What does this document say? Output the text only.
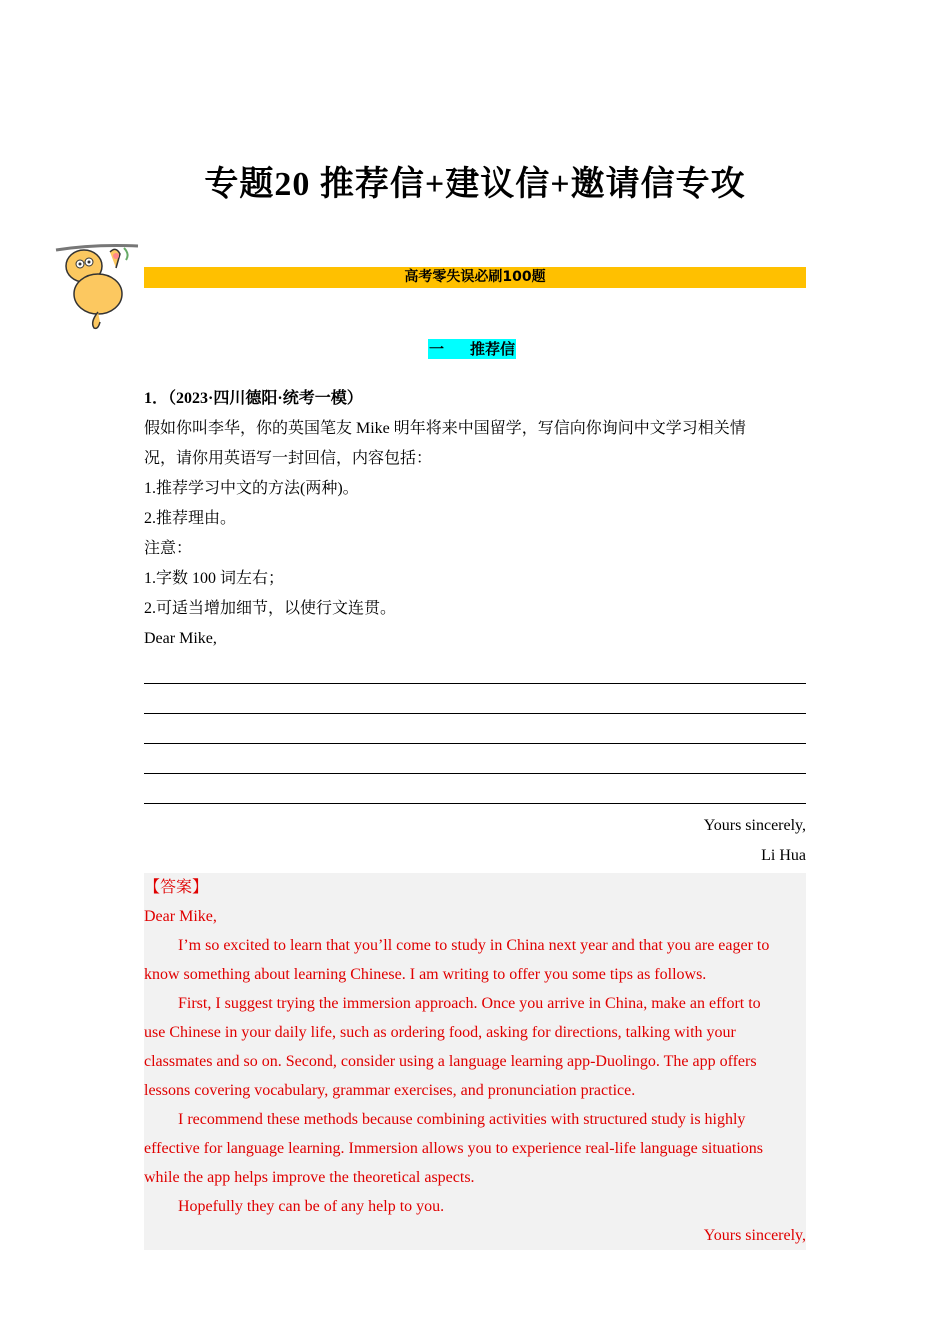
专题20 推荐信+建议信+邀请信专攻
高考零失误必刷100题
一 推荐信
1．（2023·四川德阳·统考一模）
假如你叫李华，你的英国笔友 Mike 明年将来中国留学，写信向你询问中文学习相关情
况，请你用英语写一封回信，内容包括：
1.推荐学习中文的方法(两种)。
2.推荐理由。
注意：
1.字数 100 词左右；
2.可适当增加细节，以使行文连贯。
Dear Mike,
Yours sincerely,
Li Hua
【答案】
Dear Mike,
I’m so excited to learn that you’ll come to study in China next year and that you are eager to
know something about learning Chinese. I am writing to offer you some tips as follows.
First, I suggest trying the immersion approach. Once you arrive in China, make an effort to
use Chinese in your daily life, such as ordering food, asking for directions, talking with your
classmates and so on. Second, consider using a language learning app-Duolingo. The app offers
lessons covering vocabulary, grammar exercises, and pronunciation practice.
I recommend these methods because combining activities with structured study is highly
effective for language learning. Immersion allows you to experience real-life language situations
while the app helps improve the theoretical aspects.
Hopefully they can be of any help to you.
Yours sincerely,
